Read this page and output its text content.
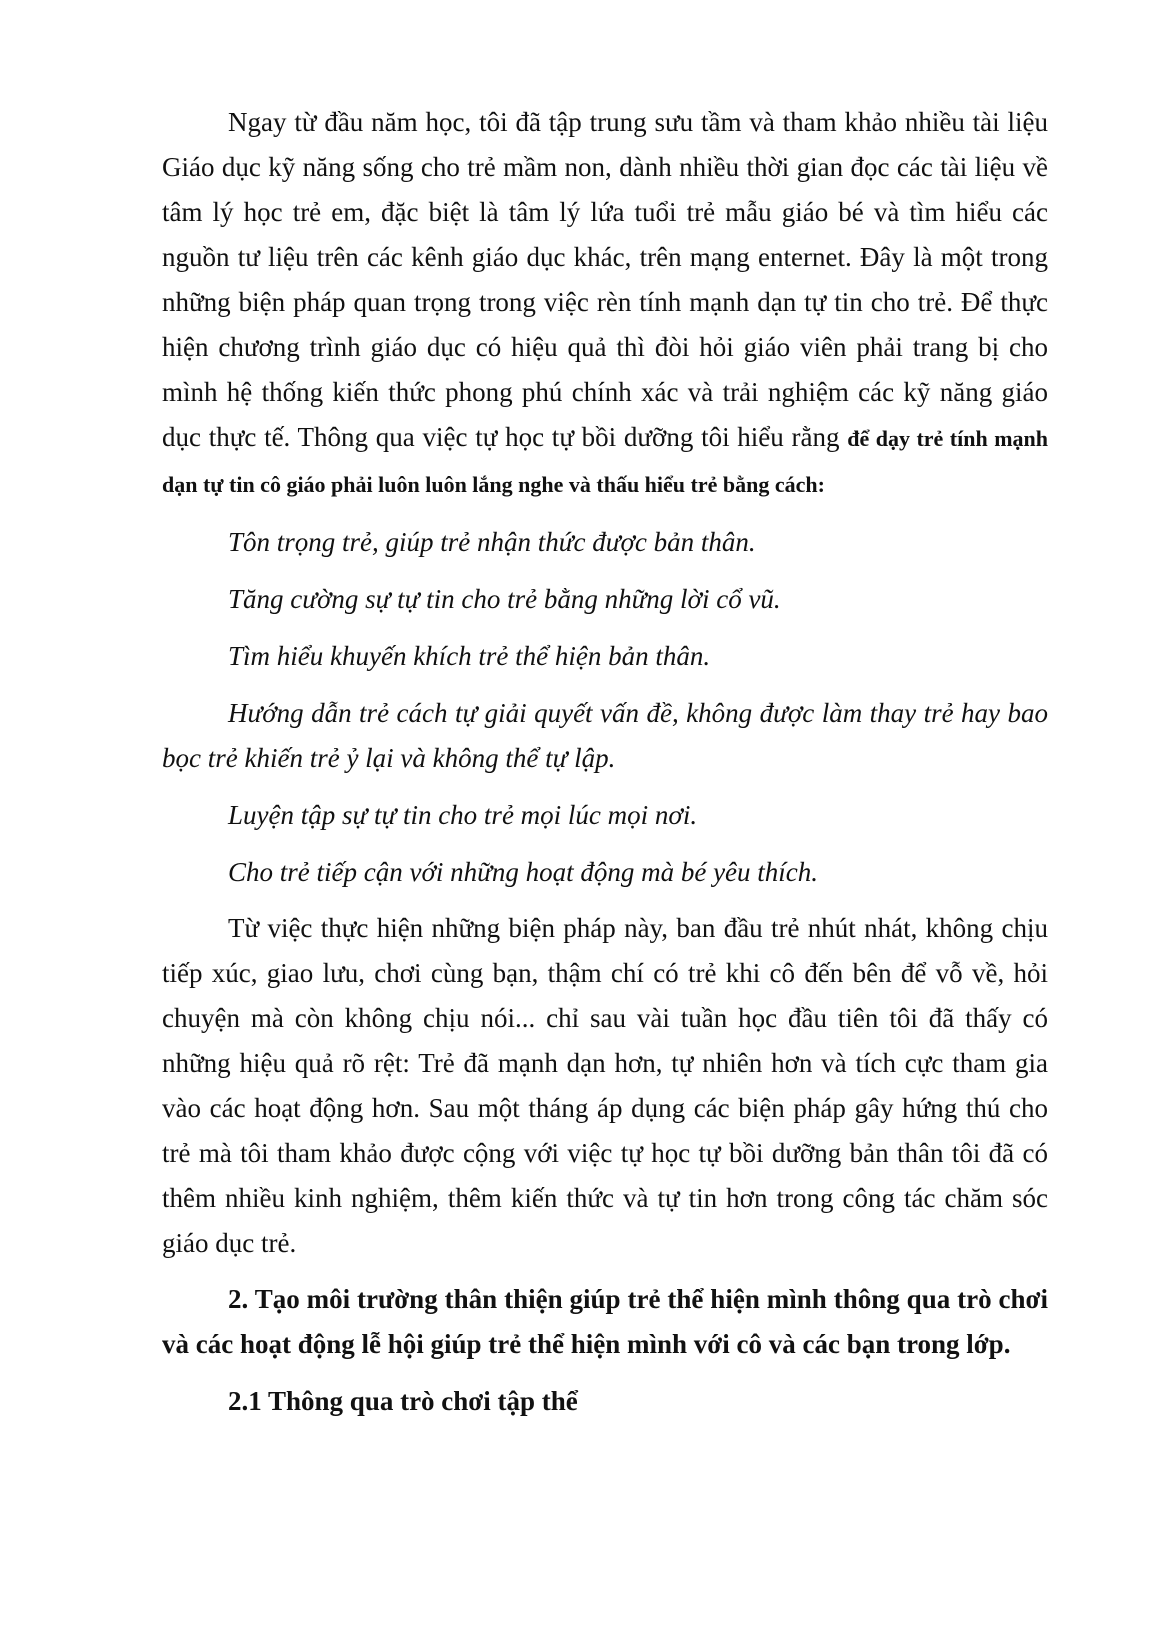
Ngay từ đầu năm học, tôi đã tập trung sưu tầm và tham khảo nhiều tài liệu Giáo dục kỹ năng sống cho trẻ mầm non, dành nhiều thời gian đọc các tài liệu về tâm lý học trẻ em, đặc biệt là tâm lý lứa tuổi trẻ mẫu giáo bé và tìm hiểu các nguồn tư liệu trên các kênh giáo dục khác, trên mạng enternet. Đây là một trong những biện pháp quan trọng trong việc rèn tính mạnh dạn tự tin cho trẻ. Để thực hiện chương trình giáo dục có hiệu quả thì đòi hỏi giáo viên phải trang bị cho mình hệ thống kiến thức phong phú chính xác và trải nghiệm các kỹ năng giáo dục thực tế. Thông qua việc tự học tự bồi dưỡng tôi hiểu rằng để dạy trẻ tính mạnh dạn tự tin cô giáo phải luôn luôn lắng nghe và thấu hiểu trẻ bằng cách:

Tôn trọng trẻ, giúp trẻ nhận thức được bản thân.

Tăng cường sự tự tin cho trẻ bằng những lời cổ vũ.

Tìm hiểu khuyến khích trẻ thể hiện bản thân.

Hướng dẫn trẻ cách tự giải quyết vấn đề, không được làm thay trẻ hay bao bọc trẻ khiến trẻ ỷ lại và không thể tự lập.

Luyện tập sự tự tin cho trẻ mọi lúc mọi nơi.

Cho trẻ tiếp cận với những hoạt động mà bé yêu thích.

Từ việc thực hiện những biện pháp này, ban đầu trẻ nhút nhát, không chịu tiếp xúc, giao lưu, chơi cùng bạn, thậm chí có trẻ khi cô đến bên để vỗ về, hỏi chuyện mà còn không chịu nói... chỉ sau vài tuần học đầu tiên tôi đã thấy có những hiệu quả rõ rệt: Trẻ đã mạnh dạn hơn, tự nhiên hơn và tích cực tham gia vào các hoạt động hơn. Sau một tháng áp dụng các biện pháp gây hứng thú cho trẻ mà tôi tham khảo được cộng với việc tự học tự bồi dưỡng bản thân tôi đã có thêm nhiều kinh nghiệm, thêm kiến thức và tự tin hơn trong công tác chăm sóc giáo dục trẻ.

2. Tạo môi trường thân thiện giúp trẻ thể hiện mình thông qua trò chơi và các hoạt động lễ hội giúp trẻ thể hiện mình với cô và các bạn trong lớp.

2.1 Thông qua trò chơi tập thể
